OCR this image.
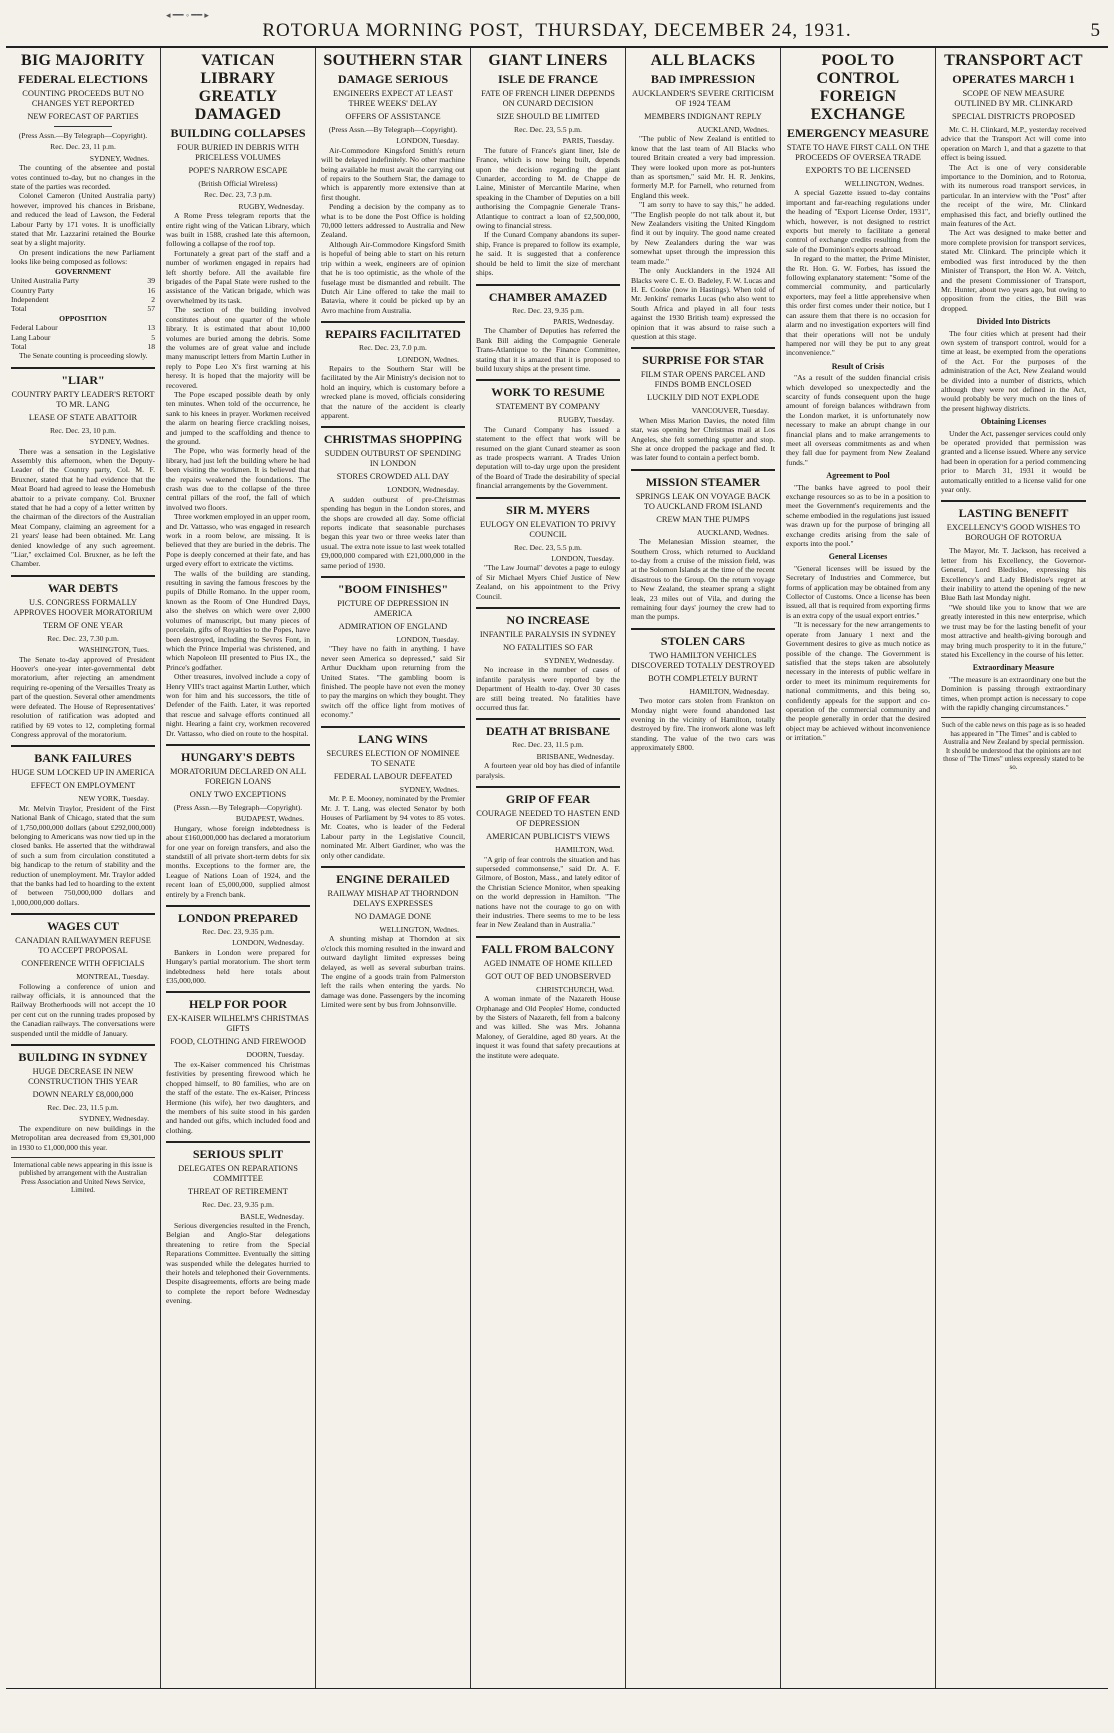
◂ ━━ ◦ ━━ ▸
ROTORUA MORNING POST, THURSDAY, DECEMBER 24, 1931.	5
BIG MAJORITY
FEDERAL ELECTIONS
COUNTING PROCEEDS BUT NO CHANGES YET REPORTED
NEW FORECAST OF PARTIES
(Press Assn.—By Telegraph—Copyright).
Rec. Dec. 23, 11 p.m.
SYDNEY, Wednes.

The counting of the absentee and postal votes continued to-day, but no changes in the state of the parties was recorded.

Colonel Cameron (United Australia party) however, improved his chances in Brisbane, and reduced the lead of Lawson, the Federal Labour Party by 171 votes. It is unofficially stated that Mr. Lazzarini retained the Bourke seat by a slight majority.

On present indications the new Parliament looks like being composed as follows:

GOVERNMENT
United Australia Party	39
Country Party	16
Independent	2
Total	57
OPPOSITION
Federal Labour	13
Lang Labour	5
Total	18

The Senate counting is proceeding slowly.

"LIAR"
COUNTRY PARTY LEADER'S RETORT TO MR. LANG
LEASE OF STATE ABATTOIR
Rec. Dec. 23, 10 p.m.
SYDNEY, Wednes.

There was a sensation in the Legislative Assembly this afternoon, when the Deputy-Leader of the Country party, Col. M. F. Bruxner, stated that he had evidence that the Meat Board had agreed to lease the Homebush abattoir to a private company. Col. Bruxner stated that he had a copy of a letter written by the chairman of the directors of the Australian Meat Company, claiming an agreement for a 21 years' lease had been obtained. Mr. Lang denied knowledge of any such agreement. "Liar," exclaimed Col. Bruxner, as he left the Chamber.

WAR DEBTS
U.S. CONGRESS FORMALLY APPROVES HOOVER MORATORIUM
TERM OF ONE YEAR
Rec. Dec. 23, 7.30 p.m.
WASHINGTON, Tues.

The Senate to-day approved of President Hoover's one-year inter-governmental debt moratorium, after rejecting an amendment requiring re-opening of the Versailles Treaty as part of the question. Several other amendments were defeated. The House of Representatives' resolution of ratification was adopted and ratified by 69 votes to 12, completing formal Congress approval of the moratorium.

BANK FAILURES
HUGE SUM LOCKED UP IN AMERICA
EFFECT ON EMPLOYMENT
NEW YORK, Tuesday.

Mr. Melvin Traylor, President of the First National Bank of Chicago, stated that the sum of 1,750,000,000 dollars (about £292,000,000) belonging to Americans was now tied up in the closed banks. He asserted that the withdrawal of such a sum from circulation constituted a big handicap to the return of stability and the reduction of unemployment. Mr. Traylor added that the banks had led to hoarding to the extent of between 750,000,000 dollars and 1,000,000,000 dollars.

WAGES CUT
CANADIAN RAILWAYMEN REFUSE TO ACCEPT PROPOSAL
CONFERENCE WITH OFFICIALS
MONTREAL, Tuesday.

Following a conference of union and railway officials, it is announced that the Railway Brotherhoods will not accept the 10 per cent cut on the running trades proposed by the Canadian railways. The conversations were suspended until the middle of January.

BUILDING IN SYDNEY
HUGE DECREASE IN NEW CONSTRUCTION THIS YEAR
DOWN NEARLY £8,000,000
Rec. Dec. 23, 11.5 p.m.
SYDNEY, Wednesday.

The expenditure on new buildings in the Metropolitan area decreased from £9,301,000 in 1930 to £1,000,000 this year.

International cable news appearing in this issue is published by arrangement with the Australian Press Association and United News Service, Limited.
VATICAN LIBRARY GREATLY DAMAGED
BUILDING COLLAPSES
FOUR BURIED IN DEBRIS WITH PRICELESS VOLUMES
POPE'S NARROW ESCAPE
(British Official Wireless)
Rec. Dec. 23, 7.3 p.m.
RUGBY, Wednesday.

A Rome Press telegram reports that the entire right wing of the Vatican Library, which was built in 1588, crashed late this afternoon, following a collapse of the roof top.

Fortunately a great part of the staff and a number of workmen engaged in repairs had left shortly before. All the available fire brigades of the Papal State were rushed to the assistance of the Vatican brigade, which was overwhelmed by its task.

The section of the building involved constitutes about one quarter of the whole library. It is estimated that about 10,000 volumes are buried among the debris. Some the volumes are of great value and include many manuscript letters from Martin Luther in reply to Pope Leo X's first warning at his heresy. It is hoped that the majority will be recovered.

The Pope escaped possible death by only ten minutes. When told of the occurrence, he sank to his knees in prayer. Workmen received the alarm on hearing fierce crackling noises, and jumped to the scaffolding and thence to the ground.

The Pope, who was formerly head of the library, had just left the building where he had been visiting the workmen. It is believed that the repairs weakened the foundations. The crash was due to the collapse of the three central pillars of the roof, the fall of which involved two floors.

Three workmen employed in an upper room, and Dr. Vattasso, who was engaged in research work in a room below, are missing. It is believed that they are buried in the debris. The Pope is deeply concerned at their fate, and has urged every effort to extricate the victims.

The walls of the building are standing, resulting in saving the famous frescoes by the pupils of Dhille Romano. In the upper room, known as the Room of One Hundred Days, also the shelves on which were over 2,000 volumes of manuscript, but many pieces of porcelain, gifts of Royalties to the Popes, have been destroyed, including the Sevres Font, in which the Prince Imperial was christened, and which Napoleon III presented to Pius IX., the Prince's godfather.

Other treasures, involved include a copy of Henry VIII's tract against Martin Luther, which won for him and his successors, the title of Defender of the Faith. Later, it was reported that rescue and salvage efforts continued all night. Hearing a faint cry, workmen recovered Dr. Vattasso, who died on route to the hospital.

HUNGARY'S DEBTS
MORATORIUM DECLARED ON ALL FOREIGN LOANS
ONLY TWO EXCEPTIONS
(Press Assn.—By Telegraph—Copyright).
BUDAPEST, Wednes.

Hungary, whose foreign indebtedness is about £160,000,000 has declared a moratorium for one year on foreign transfers, and also the standstill of all private short-term debts for six months. Exceptions to the former are, the League of Nations Loan of 1924, and the recent loan of £5,000,000, supplied almost entirely by a French bank.

LONDON PREPARED
Rec. Dec. 23, 9.35 p.m.
LONDON, Wednesday.

Bankers in London were prepared for Hungary's partial moratorium. The short term indebtedness held here totals about £35,000,000.

HELP FOR POOR
EX-KAISER WILHELM'S CHRISTMAS GIFTS
FOOD, CLOTHING AND FIREWOOD
DOORN, Tuesday.

The ex-Kaiser commenced his Christmas festivities by presenting firewood which he chopped himself, to 80 families, who are on the staff of the estate. The ex-Kaiser, Princess Hermione (his wife), her two daughters, and the members of his suite stood in his garden and handed out gifts, which included food and clothing.

SERIOUS SPLIT
DELEGATES ON REPARATIONS COMMITTEE
THREAT OF RETIREMENT
Rec. Dec. 23, 9.35 p.m.
BASLE, Wednesday.

Serious divergencies resulted in the French, Belgian and Anglo-Star delegations threatening to retire from the Special Reparations Committee. Eventually the sitting was suspended while the delegates hurried to their hotels and telephoned their Governments. Despite disagreements, efforts are being made to complete the report before Wednesday evening.

SOUTHERN STAR
DAMAGE SERIOUS
ENGINEERS EXPECT AT LEAST THREE WEEKS' DELAY
OFFERS OF ASSISTANCE
(Press Assn.—By Telegraph—Copyright).
LONDON, Tuesday.

Air-Commodore Kingsford Smith's return will be delayed indefinitely. No other machine being available he must await the carrying out of repairs to the Southern Star, the damage to which is apparently more extensive than at first thought.

Pending a decision by the company as to what is to be done the Post Office is holding 70,000 letters addressed to Australia and New Zealand.

Although Air-Commodore Kingsford Smith is hopeful of being able to start on his return trip within a week, engineers are of opinion that he is too optimistic, as the whole of the fuselage must be dismantled and rebuilt. The Dutch Air Line offered to take the mail to Batavia, where it could be picked up by an Avro machine from Australia.

REPAIRS FACILITATED
Rec. Dec. 23, 7.0 p.m.
LONDON, Wednes.

Repairs to the Southern Star will be facilitated by the Air Ministry's decision not to hold an inquiry, which is customary before a wrecked plane is moved, officials considering that the nature of the accident is clearly apparent.

CHRISTMAS SHOPPING
SUDDEN OUTBURST OF SPENDING IN LONDON
STORES CROWDED ALL DAY
LONDON, Wednesday.

A sudden outburst of pre-Christmas spending has begun in the London stores, and the shops are crowded all day. Some official reports indicate that seasonable purchases began this year two or three weeks later than usual. The extra note issue to last week totalled £9,000,000 compared with £21,000,000 in the same period of 1930.

"BOOM FINISHES"
PICTURE OF DEPRESSION IN AMERICA
ADMIRATION OF ENGLAND
LONDON, Tuesday.

"They have no faith in anything. I have never seen America so depressed," said Sir Arthur Duckham upon returning from the United States. "The gambling boom is finished. The people have not even the money to pay the margins on which they bought. They switch off the office light from motives of economy."

LANG WINS
SECURES ELECTION OF NOMINEE TO SENATE
FEDERAL LABOUR DEFEATED
SYDNEY, Wednes.

Mr. P. E. Mooney, nominated by the Premier Mr. J. T. Lang, was elected Senator by both Houses of Parliament by 94 votes to 85 votes. Mr. Coates, who is leader of the Federal Labour party in the Legislative Council, nominated Mr. Albert Gardiner, who was the only other candidate.

ENGINE DERAILED
RAILWAY MISHAP AT THORNDON DELAYS EXPRESSES
NO DAMAGE DONE
WELLINGTON, Wednes.

A shunting mishap at Thorndon at six o'clock this morning resulted in the inward and outward daylight limited expresses being delayed, as well as several suburban trains. The engine of a goods train from Palmerston left the rails when entering the yards. No damage was done. Passengers by the incoming Limited were sent by bus from Johnsonville.

GIANT LINERS
ISLE DE FRANCE
FATE OF FRENCH LINER DEPENDS ON CUNARD DECISION
SIZE SHOULD BE LIMITED
Rec. Dec. 23, 5.5 p.m.
PARIS, Tuesday.

The future of France's giant liner, Isle de France, which is now being built, depends upon the decision regarding the giant Cunarder, according to M. de Chappe de Laine, Minister of Mercantile Marine, when speaking in the Chamber of Deputies on a bill authorising the Compagnie Generale Trans-Atlantique to contract a loan of £2,500,000, owing to financial stress.

If the Cunard Company abandons its super-ship, France is prepared to follow its example, he said. It is suggested that a conference should be held to limit the size of merchant ships.

CHAMBER AMAZED
Rec. Dec. 23, 9.35 p.m.
PARIS, Wednesday.

The Chamber of Deputies has referred the Bank Bill aiding the Compagnie Generale Trans-Atlantique to the Finance Committee, stating that it is amazed that it is proposed to build luxury ships at the present time.

WORK TO RESUME
STATEMENT BY COMPANY
RUGBY, Tuesday.

The Cunard Company has issued a statement to the effect that work will be resumed on the giant Cunard steamer as soon as trade prospects warrant. A Trades Union deputation will to-day urge upon the president of the Board of Trade the desirability of special financial arrangements by the Government.

SIR M. MYERS
EULOGY ON ELEVATION TO PRIVY COUNCIL
Rec. Dec. 23, 5.5 p.m.
LONDON, Tuesday.

"The Law Journal" devotes a page to eulogy of Sir Michael Myers Chief Justice of New Zealand, on his appointment to the Privy Council.

NO INCREASE
INFANTILE PARALYSIS IN SYDNEY
NO FATALITIES SO FAR
SYDNEY, Wednesday.

No increase in the number of cases of infantile paralysis were reported by the Department of Health to-day. Over 30 cases are still being treated. No fatalities have occurred thus far.

DEATH AT BRISBANE
Rec. Dec. 23, 11.5 p.m.
BRISBANE, Wednesday.

A fourteen year old boy has died of infantile paralysis.

GRIP OF FEAR
COURAGE NEEDED TO HASTEN END OF DEPRESSION
AMERICAN PUBLICIST'S VIEWS
HAMILTON, Wed.

"A grip of fear controls the situation and has superseded commonsense," said Dr. A. F. Gilmore, of Boston, Mass., and lately editor of the Christian Science Monitor, when speaking on the world depression in Hamilton. "The nations have not the courage to go on with their industries. There seems to me to be less fear in New Zealand than in Australia."

FALL FROM BALCONY
AGED INMATE OF HOME KILLED
GOT OUT OF BED UNOBSERVED
CHRISTCHURCH, Wed.

A woman inmate of the Nazareth House Orphanage and Old Peoples' Home, conducted by the Sisters of Nazareth, fell from a balcony and was killed. She was Mrs. Johanna Maloney, of Geraldine, aged 80 years. At the inquest it was found that safety precautions at the institute were adequate.

ALL BLACKS
BAD IMPRESSION
AUCKLANDER'S SEVERE CRITICISM OF 1924 TEAM
MEMBERS INDIGNANT REPLY
AUCKLAND, Wednes.

"The public of New Zealand is entitled to know that the last team of All Blacks who toured Britain created a very bad impression. They were looked upon more as pot-hunters than as sportsmen," said Mr. H. R. Jenkins, formerly M.P. for Parnell, who returned from England this week.

"I am sorry to have to say this," he added. "The English people do not talk about it, but New Zealanders visiting the United Kingdom find it out by inquiry. The good name created by New Zealanders during the war was somewhat upset through the impression this team made."

The only Aucklanders in the 1924 All Blacks were C. E. O. Badeley, F. W. Lucas and H. E. Cooke (now in Hastings). When told of Mr. Jenkins' remarks Lucas (who also went to South Africa and played in all four tests against the 1930 British team) expressed the opinion that it was absurd to raise such a question at this stage.

SURPRISE FOR STAR
FILM STAR OPENS PARCEL AND FINDS BOMB ENCLOSED
LUCKILY DID NOT EXPLODE
VANCOUVER, Tuesday.

When Miss Marion Davies, the noted film star, was opening her Christmas mail at Los Angeles, she felt something sputter and stop. She at once dropped the package and fled. It was later found to contain a perfect bomb.

MISSION STEAMER
SPRINGS LEAK ON VOYAGE BACK TO AUCKLAND FROM ISLAND
CREW MAN THE PUMPS
AUCKLAND, Wednes.

The Melanesian Mission steamer, the Southern Cross, which returned to Auckland to-day from a cruise of the mission field, was at the Solomon Islands at the time of the recent disastrous to the Group. On the return voyage to New Zealand, the steamer sprang a slight leak, 23 miles out of Vila, and during the remaining four days' journey the crew had to man the pumps.

STOLEN CARS
TWO HAMILTON VEHICLES DISCOVERED TOTALLY DESTROYED
BOTH COMPLETELY BURNT
HAMILTON, Wednesday.

Two motor cars stolen from Frankton on Monday night were found abandoned last evening in the vicinity of Hamilton, totally destroyed by fire. The ironwork alone was left standing. The value of the two cars was approximately £800.

POOL TO CONTROL FOREIGN EXCHANGE
EMERGENCY MEASURE
STATE TO HAVE FIRST CALL ON THE PROCEEDS OF OVERSEA TRADE
EXPORTS TO BE LICENSED
WELLINGTON, Wednes.

A special Gazette issued to-day contains important and far-reaching regulations under the heading of "Export License Order, 1931", which, however, is not designed to restrict exports but merely to facilitate a general control of exchange credits resulting from the sale of the Dominion's exports abroad.

In regard to the matter, the Prime Minister, the Rt. Hon. G. W. Forbes, has issued the following explanatory statement: "Some of the commercial community, and particularly exporters, may feel a little apprehensive when this order first comes under their notice, but I can assure them that there is no occasion for alarm and no investigation exporters will find that their operations will not be unduly hampered nor will they be put to any great inconvenience."

Result of Crisis

"As a result of the sudden financial crisis which developed so unexpectedly and the scarcity of funds consequent upon the huge amount of foreign balances withdrawn from the London market, it is unfortunately now necessary to make an abrupt change in our financial plans and to make arrangements to meet all overseas commitments as and when they fall due for payment from New Zealand funds."

Agreement to Pool

"The banks have agreed to pool their exchange resources so as to be in a position to meet the Government's requirements and the scheme embodied in the regulations just issued was drawn up for the purpose of bringing all exchange credits arising from the sale of exports into the pool."

General Licenses

"General licenses will be issued by the Secretary of Industries and Commerce, but forms of application may be obtained from any Collector of Customs. Once a license has been issued, all that is required from exporting firms is an extra copy of the usual export entries."

"It is necessary for the new arrangements to operate from January 1 next and the Government desires to give as much notice as possible of the change. The Government is satisfied that the steps taken are absolutely necessary in the interests of public welfare in order to meet its minimum requirements for national commitments, and this being so, confidently appeals for the support and co-operation of the commercial community and the people generally in order that the desired object may be achieved without inconvenience or irritation."

TRANSPORT ACT
OPERATES MARCH 1
SCOPE OF NEW MEASURE OUTLINED BY MR. CLINKARD
SPECIAL DISTRICTS PROPOSED

Mr. C. H. Clinkard, M.P., yesterday received advice that the Transport Act will come into operation on March 1, and that a gazette to that effect is being issued.

The Act is one of very considerable importance to the Dominion, and to Rotorua, with its numerous road transport services, in particular. In an interview with the "Post" after the receipt of the wire, Mr. Clinkard emphasised this fact, and briefly outlined the main features of the Act.

The Act was designed to make better and more complete provision for transport services, stated Mr. Clinkard. The principle which it embodied was first introduced by the then Minister of Transport, the Hon W. A. Veitch, and the present Commissioner of Transport, Mr. Hunter, about two years ago, but owing to opposition from the cities, the Bill was dropped.

Divided Into Districts

The four cities which at present had their own system of transport control, would for a time at least, be exempted from the operations of the Act. For the purposes of the administration of the Act, New Zealand would be divided into a number of districts, which although they were not defined in the Act, would probably be very much on the lines of the present highway districts.

Obtaining Licenses

Under the Act, passenger services could only be operated provided that permission was granted and a license issued. Where any service had been in operation for a period commencing prior to March 31, 1931 it would be automatically entitled to a license valid for one year only.

LASTING BENEFIT
EXCELLENCY'S GOOD WISHES TO BOROUGH OF ROTORUA

The Mayor, Mr. T. Jackson, has received a letter from his Excellency, the Governor-General, Lord Bledisloe, expressing his Excellency's and Lady Bledisloe's regret at their inability to attend the opening of the new Blue Bath last Monday night.

"We should like you to know that we are greatly interested in this new enterprise, which we trust may be for the lasting benefit of your most attractive and health-giving borough and may bring much prosperity to it in the future," stated his Excellency in the course of his letter.

Extraordinary Measure

"The measure is an extraordinary one but the Dominion is passing through extraordinary times, when prompt action is necessary to cope with the rapidly changing circumstances."

Such of the cable news on this page as is so headed has appeared in "The Times" and is cabled to Australia and New Zealand by special permission. It should be understood that the opinions are not those of "The Times" unless expressly stated to be so.
